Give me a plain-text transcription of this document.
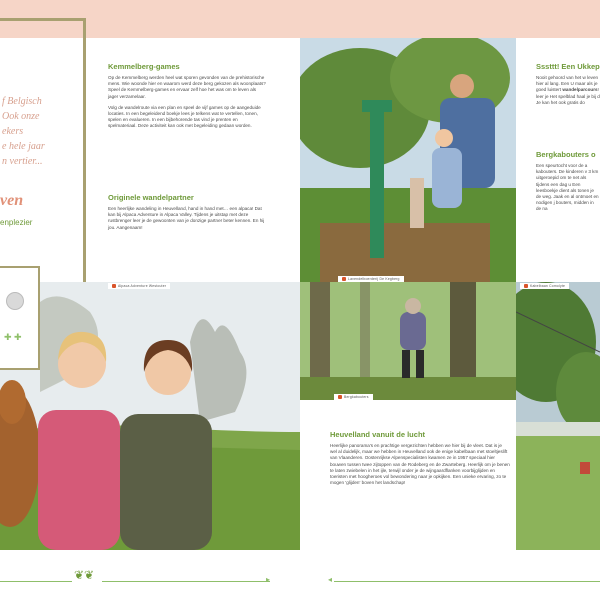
f Belgisch
Ook onze
ekers
e hele jaar
n vertier...
ven
enplezier
Alpaca Adventure Westouter
✚ ✚
Kemmelberg-games

Op de Kemmelberg werden heel wat sporen gevonden van de prehistorische mens. Wie woonde hier en waarom werd deze berg gekozen als woonplaats? Speel de Kemmelberg-games en ervaar zelf hoe het was om te leven als jager verzamelaar.

Volg de wandelroute via een plan en speel de vijf games op de aangeduide locaties. In een begeleidend boekje lees je telkens wat te vertellen, tonen, spelen en evalueren. In een bijbehorende tas vind je prenten en spelmateriaal. Deze activiteit kan ook met begeleiding gedaan worden.

Originele wandelpartner

Een heerlijke wandeling in Heuvelland, hand in hand met… een alpaca! Dat kan bij Alpaca Adventure in Alpaca Valley. Tijdens je uitstap met deze rustbrenger leer je de gewoonten van je donzige partner beter kennen. En hij jou. Aangenaam!

Lavendelboerderij De Kegberg
Bergkabouters
Heuvelland vanuit de lucht

Heerlijke panorama's en prachtige vergezichten hebben we hier bij de vleet. Dat is je wel al duidelijk, maar we hebben in Heuvelland ook de enige kabelbaan met stoeltjeslift van Vlaanderen. Oostenrijkse Alpenspecialisten kwamen ze in 1957 speciaal hier bouwen tussen twee zijtoppen van de Rodeberg en de Zwarteberg. Heerlijk om je benen te laten zwiebelen in het ijle, terwijl onder je de wijngaardflanken voorbijglijden en toeristen met hoogheroes vol bewondering naar je opkijken. Een unieke ervaring, zo te mogen 'glijden' boven het landschap!

Sssttt! Een Ukkep

Nooit gehoord van het w leven hier al lang. Een U maar als je goed luistert wandelparcours! leer je Het spelblad haal je bij d Je kan het ook gratis do

Bergkabouters o

Een speurtocht voor de a kabouters. De kinderen v 3 km uitgeroepid om te net als tijdens een dag u Een leesboekje dient als tonen je de weg. Jaak en al ontmoet en nodigen j bouters, midden in de na

Kabelbaan Comolyte
❦❦	▸	◂
